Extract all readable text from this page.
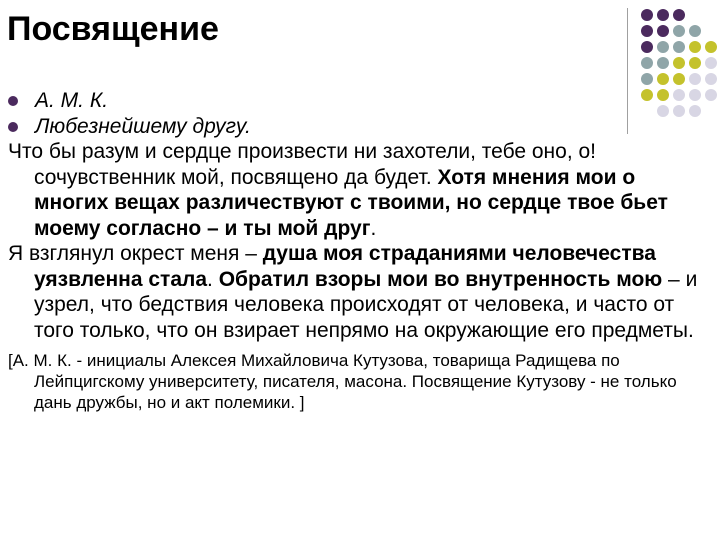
Посвящение
А. М. К.
Любезнейшему другу.
Что бы разум и сердце произвести ни захотели, тебе оно, о! сочувственник мой, посвящено да будет. Хотя мнения мои о многих вещах различествуют с твоими, но сердце твое бьет моему согласно – и ты мой друг.
Я взглянул окрест меня – душа моя страданиями человечества уязвленна стала. Обратил взоры мои во внутренность мою – и узрел, что бедствия человека происходят от человека, и часто от того только, что он взирает непрямо на окружающие его предметы.
[А. М. К. - инициалы Алексея Михайловича Кутузова, товарища Радищева по Лейпцигскому университету, писателя, масона. Посвящение Кутузову - не только дань дружбы, но и акт полемики. ]
